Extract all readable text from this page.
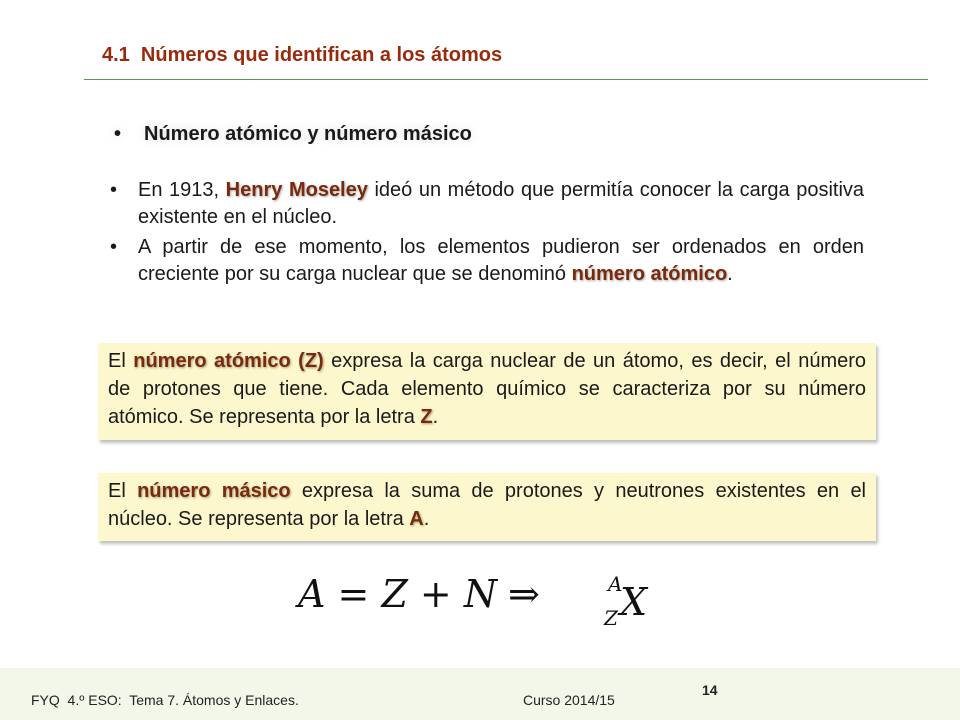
4.1  Números que identifican a los átomos
• Número atómico y número másico
•	En 1913, Henry Moseley ideó un método que permitía conocer la carga positiva existente en el núcleo.
•	A partir de ese momento, los elementos pudieron ser ordenados en orden creciente por su carga nuclear que se denominó número atómico.
El número atómico (Z) expresa la carga nuclear de un átomo, es decir, el número de protones que tiene. Cada elemento químico se caracteriza por su número atómico. Se representa por la letra Z.
El número másico expresa la suma de protones y neutrones existentes en el núcleo. Se representa por la letra A.
A = Z + N ⇒	A
Z X
FYQ  4.º ESO:  Tema 7. Átomos y Enlaces.	Curso 2014/15
14
